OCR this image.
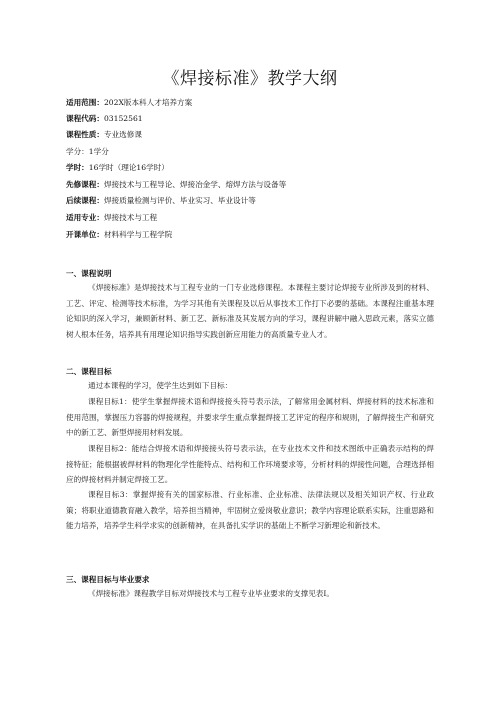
《焊接标准》教学大纲
适用范围：202X版本科人才培养方案
课程代码：03152561
课程性质：专业选修课
学分：1学分
学时：16学时（理论16学时）
先修课程：焊接技术与工程导论、焊接冶金学、熔焊方法与设备等
后续课程：焊接质量检测与评价、毕业实习、毕业设计等
适用专业：焊接技术与工程
开课单位：材料科学与工程学院
一、课程说明
《焊接标准》是焊接技术与工程专业的一门专业选修课程。本课程主要讨论焊接专业所涉及到的材料、工艺、评定、检测等技术标准，为学习其他有关课程及以后从事技术工作打下必要的基础。本课程注重基本理论知识的深入学习，兼顾新材料、新工艺、新标准及其发展方向的学习，课程讲解中融入思政元素，落实立德树人根本任务，培养具有用理论知识指导实践创新应用能力的高质量专业人才。
二、课程目标
通过本课程的学习，使学生达到如下目标：
课程目标1：使学生掌握焊接术语和焊接接头符号表示法，了解常用金属材料、焊接材料的技术标准和使用范围，掌握压力容器的焊接规程，并要求学生重点掌握焊接工艺评定的程序和规则，了解焊接生产和研究中的新工艺、新型焊接用材料发展。
课程目标2：能结合焊接术语和焊接接头符号表示法，在专业技术文件和技术图纸中正确表示结构的焊接特征；能根据被焊材料的物理化学性能特点、结构和工作环境要求等，分析材料的焊接性问题，合理选择相应的焊接材料并制定焊接工艺。
课程目标3：掌握焊接有关的国家标准、行业标准、企业标准、法律法规以及相关知识产权、行业政策；将职业道德教育融入教学，培养担当精神，牢固树立爱岗敬业意识；教学内容理论联系实际，注重思路和能力培养，培养学生科学求实的创新精神，在具备扎实学识的基础上不断学习新理论和新技术。
三、课程目标与毕业要求
《焊接标准》课程教学目标对焊接技术与工程专业毕业要求的支撑见表Ⅰ。
